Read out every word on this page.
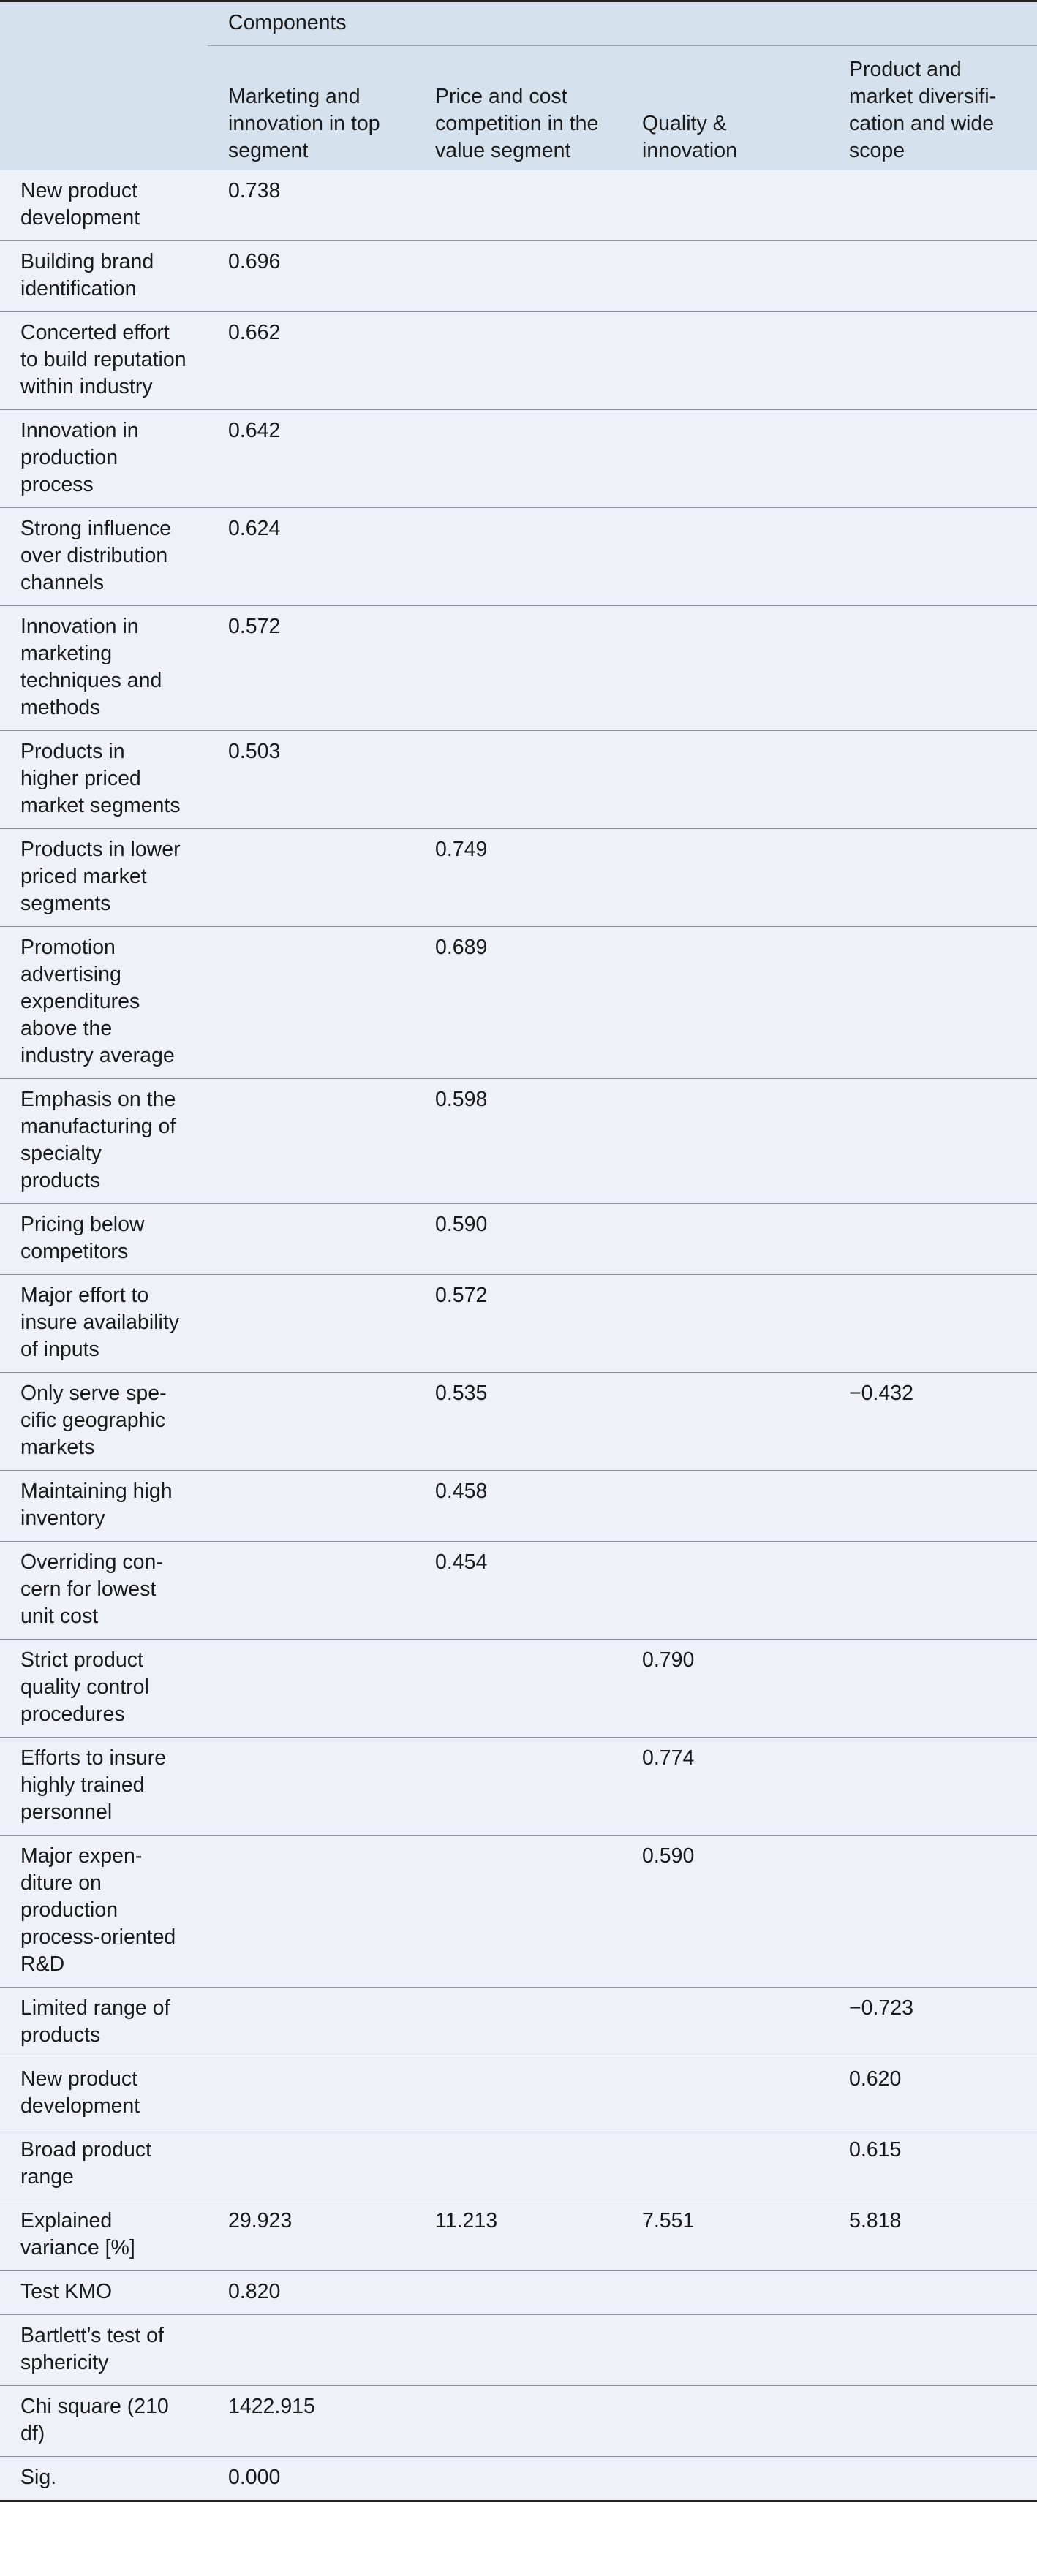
	Components			
	Marketing and innovation in top segment	Price and cost competition in the value segment	Quality & innovation	Product and market diversification and wide scope
New product development	0.738			
Building brand identification	0.696			
Concerted effort to build reputation within industry	0.662			
Innovation in production process	0.642			
Strong influence over distribution channels	0.624			
Innovation in marketing techniques and methods	0.572			
Products in higher priced market segments	0.503			
Products in lower priced market segments		0.749		
Promotion advertising expenditures above the industry average		0.689		
Emphasis on the manufacturing of specialty products		0.598		
Pricing below competitors		0.590		
Major effort to insure availability of inputs		0.572		
Only serve specific geographic markets		0.535		−0.432
Maintaining high inventory		0.458		
Overriding concern for lowest unit cost		0.454		
Strict product quality control procedures			0.790	
Efforts to insure highly trained personnel			0.774	
Major expenditure on production process-oriented R&D			0.590	
Limited range of products				−0.723
New product development				0.620
Broad product range				0.615
Explained variance [%]	29.923	11.213	7.551	5.818
Test KMO	0.820			
Bartlett’s test of sphericity				
Chi square (210 df)	1422.915			
Sig.	0.000			
